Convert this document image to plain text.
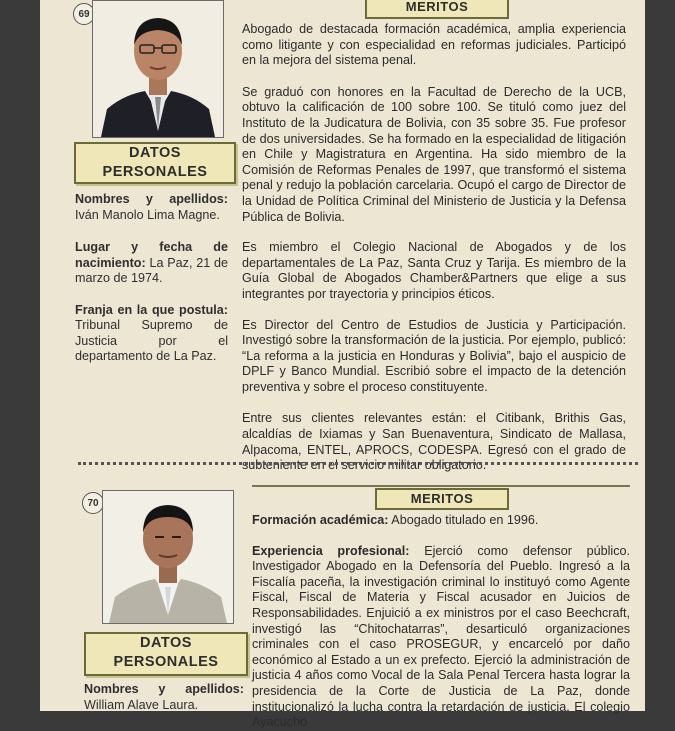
69
DATOS
PERSONALES

Nombres y apellidos: Iván Manolo Lima Magne.

Lugar y fecha de nacimiento: La Paz, 21 de marzo de 1974.

Franja en la que postula: Tribunal Supremo de Justicia por el departamento de La Paz.

MERITOS

Abogado de destacada formación académica, amplia experiencia como litigante y con especialidad en reformas judiciales. Participó en la mejora del sistema penal.

Se graduó con honores en la Facultad de Derecho de la UCB, obtuvo la calificación de 100 sobre 100. Se tituló como juez del Instituto de la Judicatura de Bolivia, con 35 sobre 35. Fue profesor de dos universidades. Se ha formado en la especialidad de litigación en Chile y Magistratura en Argentina. Ha sido miembro de la Comisión de Reformas Penales de 1997, que transformó el sistema penal y redujo la población carcelaria. Ocupó el cargo de Director de la Unidad de Política Criminal del Ministerio de Justicia y la Defensa Pública de Bolivia.

Es miembro el Colegio Nacional de Abogados y de los departamentales de La Paz, Santa Cruz y Tarija. Es miembro de la Guía Global de Abogados Chamber&Partners que elige a sus integrantes por trayectoria y principios éticos.

Es Director del Centro de Estudios de Justicia y Participación. Investigó sobre la transformación de la justicia. Por ejemplo, publicó: “La reforma a la justicia en Honduras y Bolivia”, bajo el auspicio de DPLF y Banco Mundial. Escribió sobre el impacto de la detención preventiva y sobre el proceso constituyente.

Entre sus clientes relevantes están: el Citibank, Brithis Gas, alcaldías de Ixiamas y San Buenaventura, Sindicato de Mallasa, Alpacoma, ENTEL, APROCS, CODESPA. Egresó con el grado de subteniente en el servicio militar obligatorio.

70
DATOS
PERSONALES

Nombres y apellidos: William Alave Laura.

MERITOS

Formación académica: Abogado titulado en 1996.

Experiencia profesional: Ejerció como defensor público. Investigador Abogado en la Defensoría del Pueblo. Ingresó a la Fiscalía paceña, la investigación criminal lo instituyó como Agente Fiscal, Fiscal de Materia y Fiscal acusador en Juicios de Responsabilidades. Enjuició a ex ministros por el caso Beechcraft, investigó las “Chitochatarras”, desarticuló organizaciones criminales con el caso PROSEGUR, y encarceló por daño económico al Estado a un ex prefecto. Ejerció la administración de justicia 4 años como Vocal de la Sala Penal Tercera hasta lograr la presidencia de la Corte de Justicia de La Paz, donde institucionalizó la lucha contra la retardación de justicia. El colegio Ayacucho
